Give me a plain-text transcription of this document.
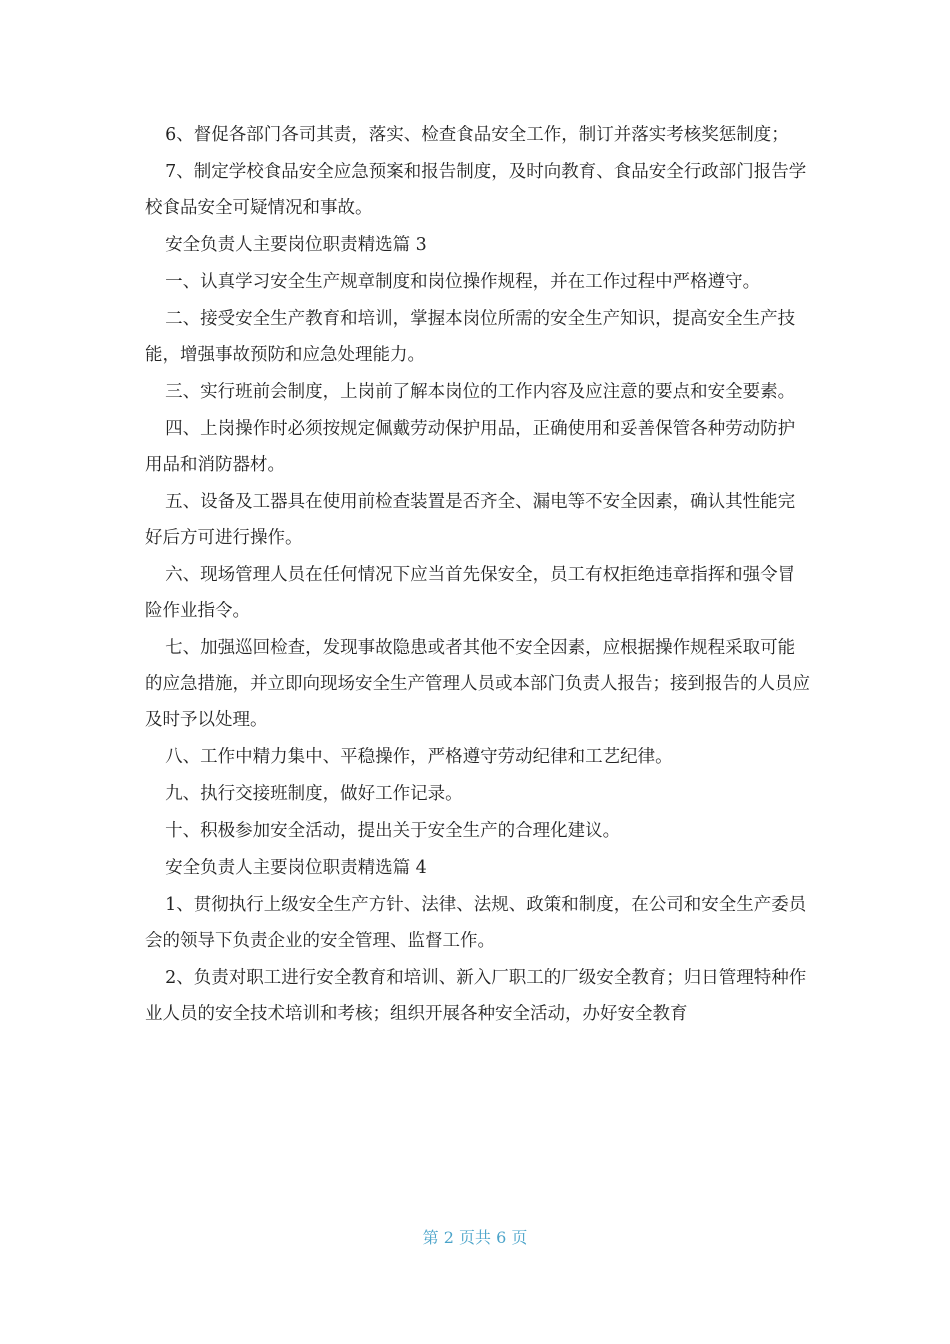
6、督促各部门各司其责，落实、检查食品安全工作，制订并落实考核奖惩制度；

7、制定学校食品安全应急预案和报告制度，及时向教育、食品安全行政部门报告学校食品安全可疑情况和事故。

安全负责人主要岗位职责精选篇 3

一、认真学习安全生产规章制度和岗位操作规程，并在工作过程中严格遵守。

二、接受安全生产教育和培训，掌握本岗位所需的安全生产知识，提高安全生产技能，增强事故预防和应急处理能力。

三、实行班前会制度，上岗前了解本岗位的工作内容及应注意的要点和安全要素。

四、上岗操作时必须按规定佩戴劳动保护用品，正确使用和妥善保管各种劳动防护用品和消防器材。

五、设备及工器具在使用前检查装置是否齐全、漏电等不安全因素，确认其性能完好后方可进行操作。

六、现场管理人员在任何情况下应当首先保安全，员工有权拒绝违章指挥和强令冒险作业指令。

七、加强巡回检查，发现事故隐患或者其他不安全因素，应根据操作规程采取可能的应急措施，并立即向现场安全生产管理人员或本部门负责人报告；接到报告的人员应及时予以处理。

八、工作中精力集中、平稳操作，严格遵守劳动纪律和工艺纪律。

九、执行交接班制度，做好工作记录。

十、积极参加安全活动，提出关于安全生产的合理化建议。

安全负责人主要岗位职责精选篇 4

1、贯彻执行上级安全生产方针、法律、法规、政策和制度，在公司和安全生产委员会的领导下负责企业的安全管理、监督工作。

2、负责对职工进行安全教育和培训、新入厂职工的厂级安全教育；归日管理特种作业人员的安全技术培训和考核；组织开展各种安全活动，办好安全教育

第 2 页共 6 页
